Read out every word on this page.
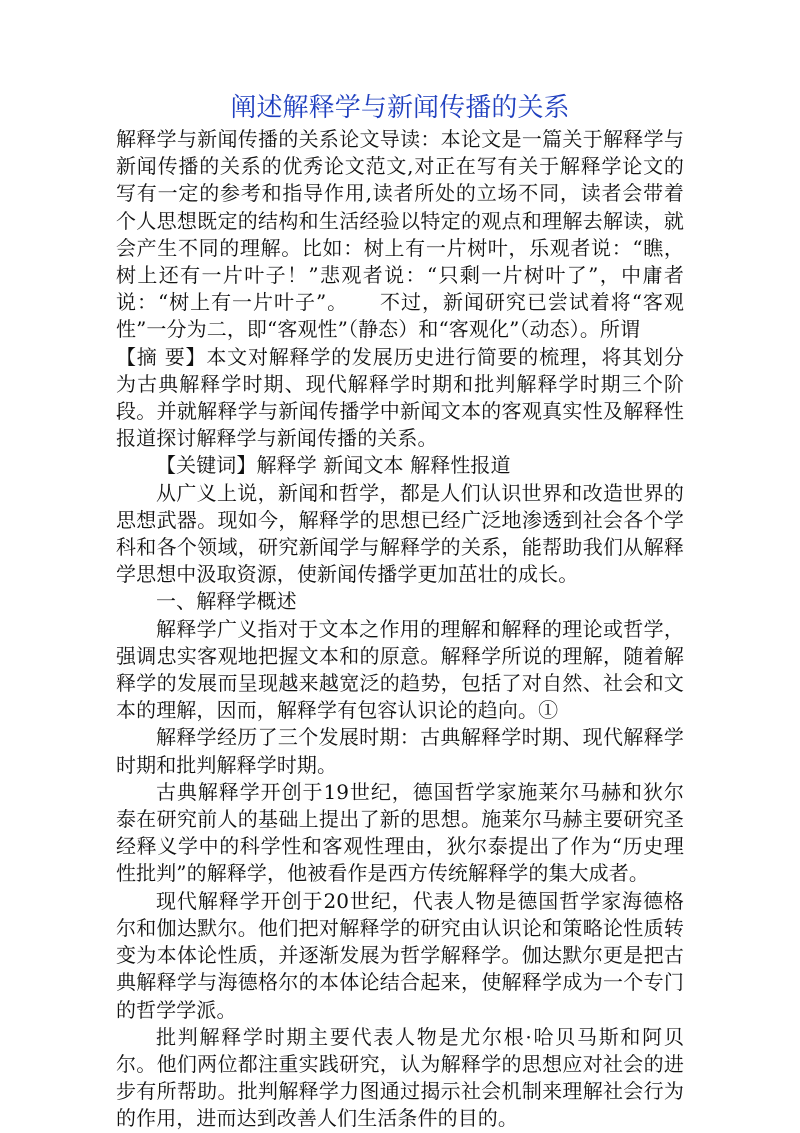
阐述解释学与新闻传播的关系

解释学与新闻传播的关系论文导读：本论文是一篇关于解释学与新闻传播的关系的优秀论文范文,对正在写有关于解释学论文的写有一定的参考和指导作用,读者所处的立场不同，读者会带着个人思想既定的结构和生活经验以特定的观点和理解去解读，就会产生不同的理解。比如：树上有一片树叶，乐观者说：“瞧，树上还有一片叶子！”悲观者说：“只剩一片树叶了”，中庸者说：“树上有一片叶子”。　　不过，新闻研究已尝试着将“客观性”一分为二，即“客观性”（静态）和“客观化”（动态）。所谓

【摘 要】本文对解释学的发展历史进行简要的梳理，将其划分为古典解释学时期、现代解释学时期和批判解释学时期三个阶段。并就解释学与新闻传播学中新闻文本的客观真实性及解释性报道探讨解释学与新闻传播的关系。

【关键词】解释学 新闻文本 解释性报道

从广义上说，新闻和哲学，都是人们认识世界和改造世界的思想武器。现如今，解释学的思想已经广泛地渗透到社会各个学科和各个领域，研究新闻学与解释学的关系，能帮助我们从解释学思想中汲取资源，使新闻传播学更加茁壮的成长。

一、解释学概述

解释学广义指对于文本之作用的理解和解释的理论或哲学，强调忠实客观地把握文本和的原意。解释学所说的理解，随着解释学的发展而呈现越来越宽泛的趋势，包括了对自然、社会和文本的理解，因而，解释学有包容认识论的趋向。①

解释学经历了三个发展时期：古典解释学时期、现代解释学时期和批判解释学时期。

古典解释学开创于19世纪，德国哲学家施莱尔马赫和狄尔泰在研究前人的基础上提出了新的思想。施莱尔马赫主要研究圣经释义学中的科学性和客观性理由，狄尔泰提出了作为“历史理性批判”的解释学，他被看作是西方传统解释学的集大成者。

现代解释学开创于20世纪，代表人物是德国哲学家海德格尔和伽达默尔。他们把对解释学的研究由认识论和策略论性质转变为本体论性质，并逐渐发展为哲学解释学。伽达默尔更是把古典解释学与海德格尔的本体论结合起来，使解释学成为一个专门的哲学学派。

批判解释学时期主要代表人物是尤尔根·哈贝马斯和阿贝尔。他们两位都注重实践研究，认为解释学的思想应对社会的进步有所帮助。批判解释学力图通过揭示社会机制来理解社会行为的作用，进而达到改善人们生活条件的目的。
